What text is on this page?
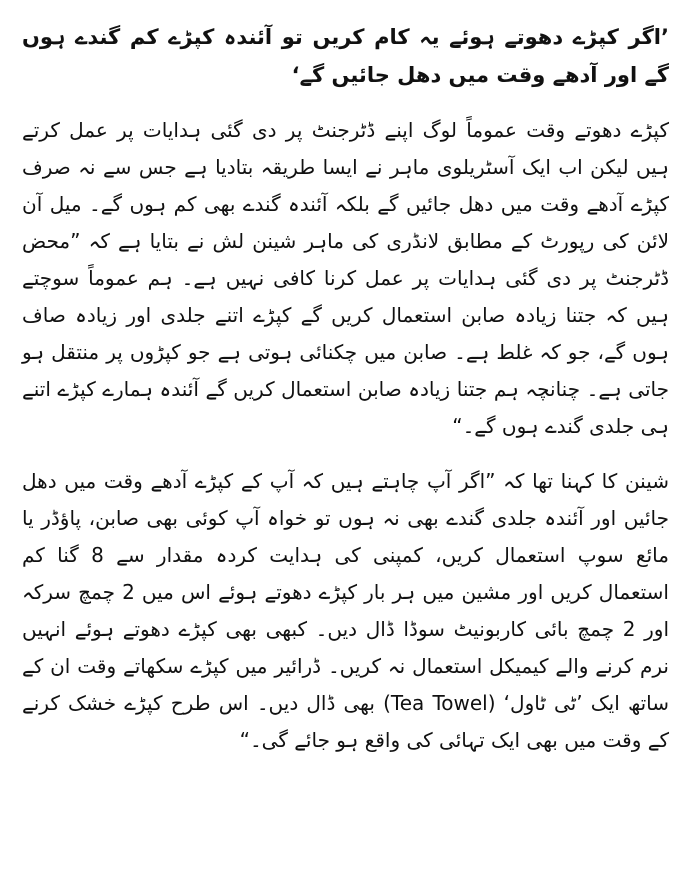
’اگر کپڑے دھوتے ہوئے یہ کام کریں تو آئندہ کپڑے کم گندے ہوں گے اور آدھے وقت میں دھل جائیں گے‘

کپڑے دھوتے وقت عموماً لوگ اپنے ڈٹرجنٹ پر دی گئی ہدایات پر عمل کرتے ہیں لیکن اب ایک آسٹریلوی ماہر نے ایسا طریقہ بتادیا ہے جس سے نہ صرف کپڑے آدھے وقت میں دھل جائیں گے بلکہ آئندہ گندے بھی کم ہوں گے۔ میل آن لائن کی رپورٹ کے مطابق لانڈری کی ماہر شینن لش نے بتایا ہے کہ ”محض ڈٹرجنٹ پر دی گئی ہدایات پر عمل کرنا کافی نہیں ہے۔ ہم عموماً سوچتے ہیں کہ جتنا زیادہ صابن استعمال کریں گے کپڑے اتنے جلدی اور زیادہ صاف ہوں گے، جو کہ غلط ہے۔ صابن میں چکنائی ہوتی ہے جو کپڑوں پر منتقل ہو جاتی ہے۔ چنانچہ ہم جتنا زیادہ صابن استعمال کریں گے آئندہ ہمارے کپڑے اتنے ہی جلدی گندے ہوں گے۔“

شینن کا کہنا تھا کہ ”اگر آپ چاہتے ہیں کہ آپ کے کپڑے آدھے وقت میں دھل جائیں اور آئندہ جلدی گندے بھی نہ ہوں تو خواہ آپ کوئی بھی صابن، پاؤڈر یا مائع سوپ استعمال کریں، کمپنی کی ہدایت کردہ مقدار سے 8 گنا کم استعمال کریں اور مشین میں ہر بار کپڑے دھوتے ہوئے اس میں 2 چمچ سرکہ اور 2 چمچ بائی کاربونیٹ سوڈا ڈال دیں۔ کبھی بھی کپڑے دھوتے ہوئے انہیں نرم کرنے والے کیمیکل استعمال نہ کریں۔ ڈرائیر میں کپڑے سکھاتے وقت ان کے ساتھ ایک ’ٹی ٹاول‘ (Tea Towel) بھی ڈال دیں۔ اس طرح کپڑے خشک کرنے کے وقت میں بھی ایک تہائی کی واقع ہو جائے گی۔“
